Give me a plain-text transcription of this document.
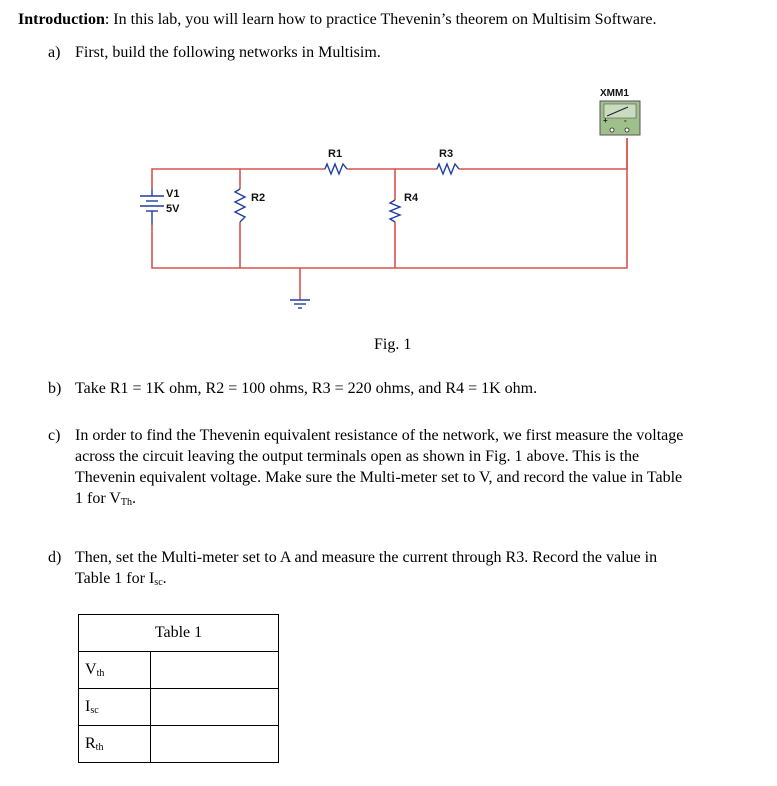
Introduction: In this lab, you will learn how to practice Thevenin’s theorem on Multisim Software.

a) First, build the following networks in Multisim.
+ -
XMM1
V1
5V
R1	R3
R2	R4
Fig. 1
b) Take R1 = 1K ohm, R2 = 100 ohms, R3 = 220 ohms, and R4 = 1K ohm.
c) In order to find the Thevenin equivalent resistance of the network, we first measure the voltage
across the circuit leaving the output terminals open as shown in Fig. 1 above. This is the
Thevenin equivalent voltage. Make sure the Multi-meter set to V, and record the value in Table
1 for $V_{Th}$.
d) Then, set the Multi-meter set to A and measure the current through R3. Record the value in
Table 1 for $I_{sc}$.
Table 1	
$V_{th}$	
$I_{sc}$	
$R_{th}$	
